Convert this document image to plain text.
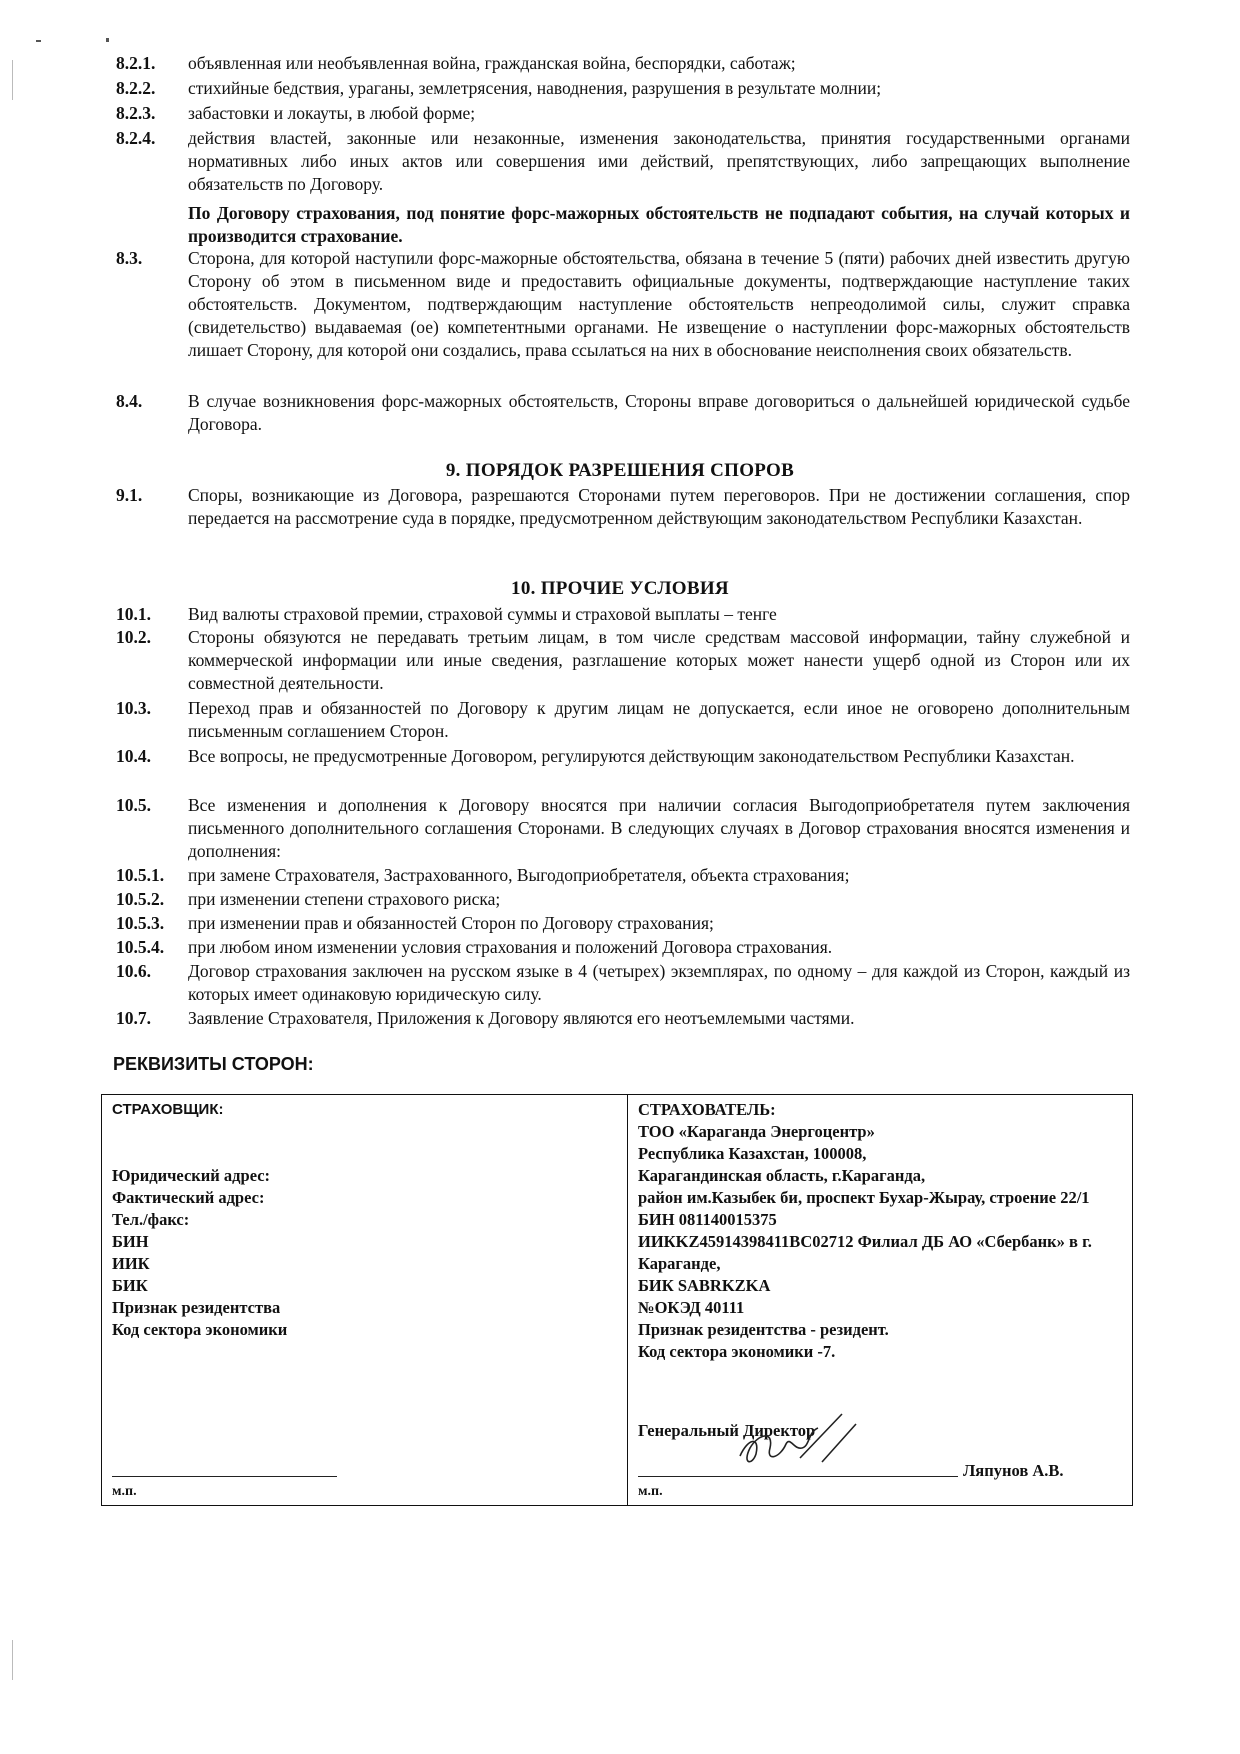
8.2.1.	объявленная или необъявленная война, гражданская война, беспорядки, саботаж;
8.2.2.	стихийные бедствия, ураганы, землетрясения, наводнения, разрушения в результате молнии;
8.2.3.	забастовки и локауты, в любой форме;
8.2.4.	действия властей, законные или незаконные, изменения законодательства, принятия государственными органами нормативных либо иных актов или совершения ими действий, препятствующих, либо запрещающих выполнение обязательств по Договору.
По Договору страхования, под понятие форс-мажорных обстоятельств не подпадают события, на случай которых и производится страхование.
8.3.	Сторона, для которой наступили форс-мажорные обстоятельства, обязана в течение 5 (пяти) рабочих дней известить другую Сторону об этом в письменном виде и предоставить официальные документы, подтверждающие наступление таких обстоятельств. Документом, подтверждающим наступление обстоятельств непреодолимой силы, служит справка (свидетельство) выдаваемая (ое) компетентными органами. Не извещение о наступлении форс-мажорных обстоятельств лишает Сторону, для которой они создались, права ссылаться на них в обоснование неисполнения своих обязательств.
8.4.	В случае возникновения форс-мажорных обстоятельств, Стороны вправе договориться о дальнейшей юридической судьбе Договора.
9. ПОРЯДОК РАЗРЕШЕНИЯ СПОРОВ
9.1.	Споры, возникающие из Договора, разрешаются Сторонами путем переговоров. При не достижении соглашения, спор передается на рассмотрение суда в порядке, предусмотренном действующим законодательством Республики Казахстан.
10. ПРОЧИЕ УСЛОВИЯ
10.1.	Вид валюты страховой премии, страховой суммы и страховой выплаты – тенге
10.2.	Стороны обязуются не передавать третьим лицам, в том числе средствам массовой информации, тайну служебной и коммерческой информации или иные сведения, разглашение которых может нанести ущерб одной из Сторон или их совместной деятельности.
10.3.	Переход прав и обязанностей по Договору к другим лицам не допускается, если иное не оговорено дополнительным письменным соглашением Сторон.
10.4.	Все вопросы, не предусмотренные Договором, регулируются действующим законодательством Республики Казахстан.
10.5.	Все изменения и дополнения к Договору вносятся при наличии согласия Выгодоприобретателя путем заключения письменного дополнительного соглашения Сторонами. В следующих случаях в Договор страхования вносятся изменения и дополнения:
10.5.1.	при замене Страхователя, Застрахованного, Выгодоприобретателя, объекта страхования;
10.5.2.	при изменении степени страхового риска;
10.5.3.	при изменении прав и обязанностей Сторон по Договору страхования;
10.5.4.	при любом ином изменении условия страхования и положений Договора страхования.
10.6.	Договор страхования заключен на русском языке в 4 (четырех) экземплярах, по одному – для каждой из Сторон, каждый из которых имеет одинаковую юридическую силу.
10.7.	Заявление Страхователя, Приложения к Договору являются его неотъемлемыми частями.
РЕКВИЗИТЫ СТОРОН:
СТРАХОВЩИК:
Юридический адрес:
Фактический адрес:
Тел./факс:
БИН
ИИК
БИК
Признак резидентства
Код сектора экономики
м.п.

СТРАХОВАТЕЛЬ:
ТОО «Караганда Энергоцентр»
Республика Казахстан, 100008,
Карагандинская область, г.Караганда,
район им.Казыбек би, проспект Бухар-Жырау, строение 22/1
БИН 081140015375
ИИКKZ45914398411BC02712 Филиал ДБ АО «Сбербанк» в г. Караганде,
БИК SABRKZKA
№ОКЭД 40111
Признак резидентства - резидент.
Код сектора экономики -7.
Генеральный Директор
Ляпунов А.В.
м.п.
